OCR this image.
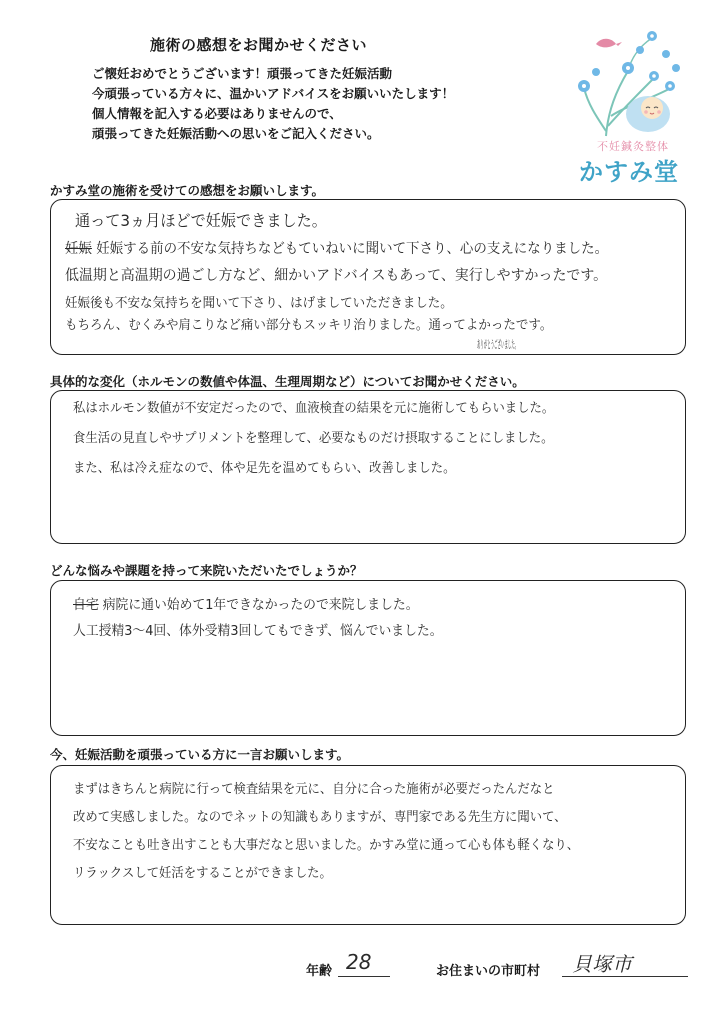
施術の感想をお聞かせください
ご懐妊おめでとうございます！頑張ってきた妊娠活動
今頑張っている方々に、温かいアドバイスをお願いいたします！
個人情報を記入する必要はありませんので、
頑張ってきた妊娠活動への思いをご記入ください。
不妊鍼灸整体
かすみ堂
かすみ堂の施術を受けての感想をお願いします。
通って3ヵ月ほどで妊娠できました。
妊娠 妊娠する前の不安な気持ちなどもていねいに聞いて下さり、心の支えになりました。
低温期と高温期の過ごし方など、細かいアドバイスもあって、実行しやすかったです。
妊娠後も不安な気持ちを聞いて下さり、はげましていただきました。
もちろん、むくみや肩こりなど痛い部分もスッキリ治りました。通ってよかったです。
ありがとうございました。
具体的な変化（ホルモンの数値や体温、生理周期など）についてお聞かせください。
私はホルモン数値が不安定だったので、血液検査の結果を元に施術してもらいました。
食生活の見直しやサプリメントを整理して、必要なものだけ摂取することにしました。
また、私は冷え症なので、体や足先を温めてもらい、改善しました。
どんな悩みや課題を持って来院いただいたでしょうか？
自宅 病院に通い始めて1年できなかったので来院しました。
人工授精3〜4回、体外受精3回してもできず、悩んでいました。
今、妊娠活動を頑張っている方に一言お願いします。
まずはきちんと病院に行って検査結果を元に、自分に合った施術が必要だったんだなと
改めて実感しました。なのでネットの知識もありますが、専門家である先生方に聞いて、
不安なことも吐き出すことも大事だなと思いました。かすみ堂に通って心も体も軽くなり、
リラックスして妊活をすることができました。
年齢 28	お住まいの市町村 貝塚市
